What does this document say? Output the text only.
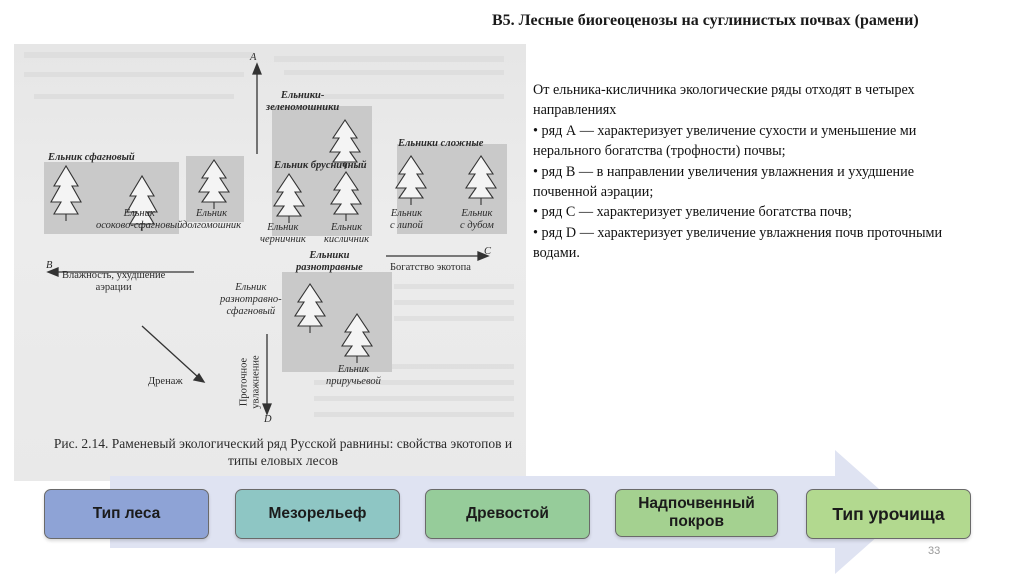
В5. Лесные биогеоценозы на суглинистых почвах (рамени)

От ельника-кисличника экологические ряды отходят в четырех

направлениях

• ряд А — характеризует увеличение сухости и уменьшение ми

нерального богатства (трофности) почвы;

• ряд В — в направлении увеличения увлажнения и ухудшение

почвенной аэрации;

• ряд С — характеризует увеличение богатства почв;

• ряд D — характеризует увеличение увлажнения почв проточными

водами.

А
Ельники-
зеленомошники
Ельник сфагновый
Ельник
осоково-сфагновый
Ельник
долгомошник
Ельник брусничный
Ельник
черничник
Ельник
кисличник
Ельники сложные
Ельник
с липой
Ельник
с дубом
В
Влажность, ухудшение
аэрации
С
Богатство экотопа
Ельники
разнотравные
Ельник
разнотравно-
сфагновый
Ельник
приручьевой
Дренаж	Проточное
увлажнение
D
Рис. 2.14. Раменевый экологический ряд Русской равнины: свойства экотопов и типы еловых лесов
Тип леса	Мезорельеф	Древостой
Надпочвенный покров	Тип урочища
33
